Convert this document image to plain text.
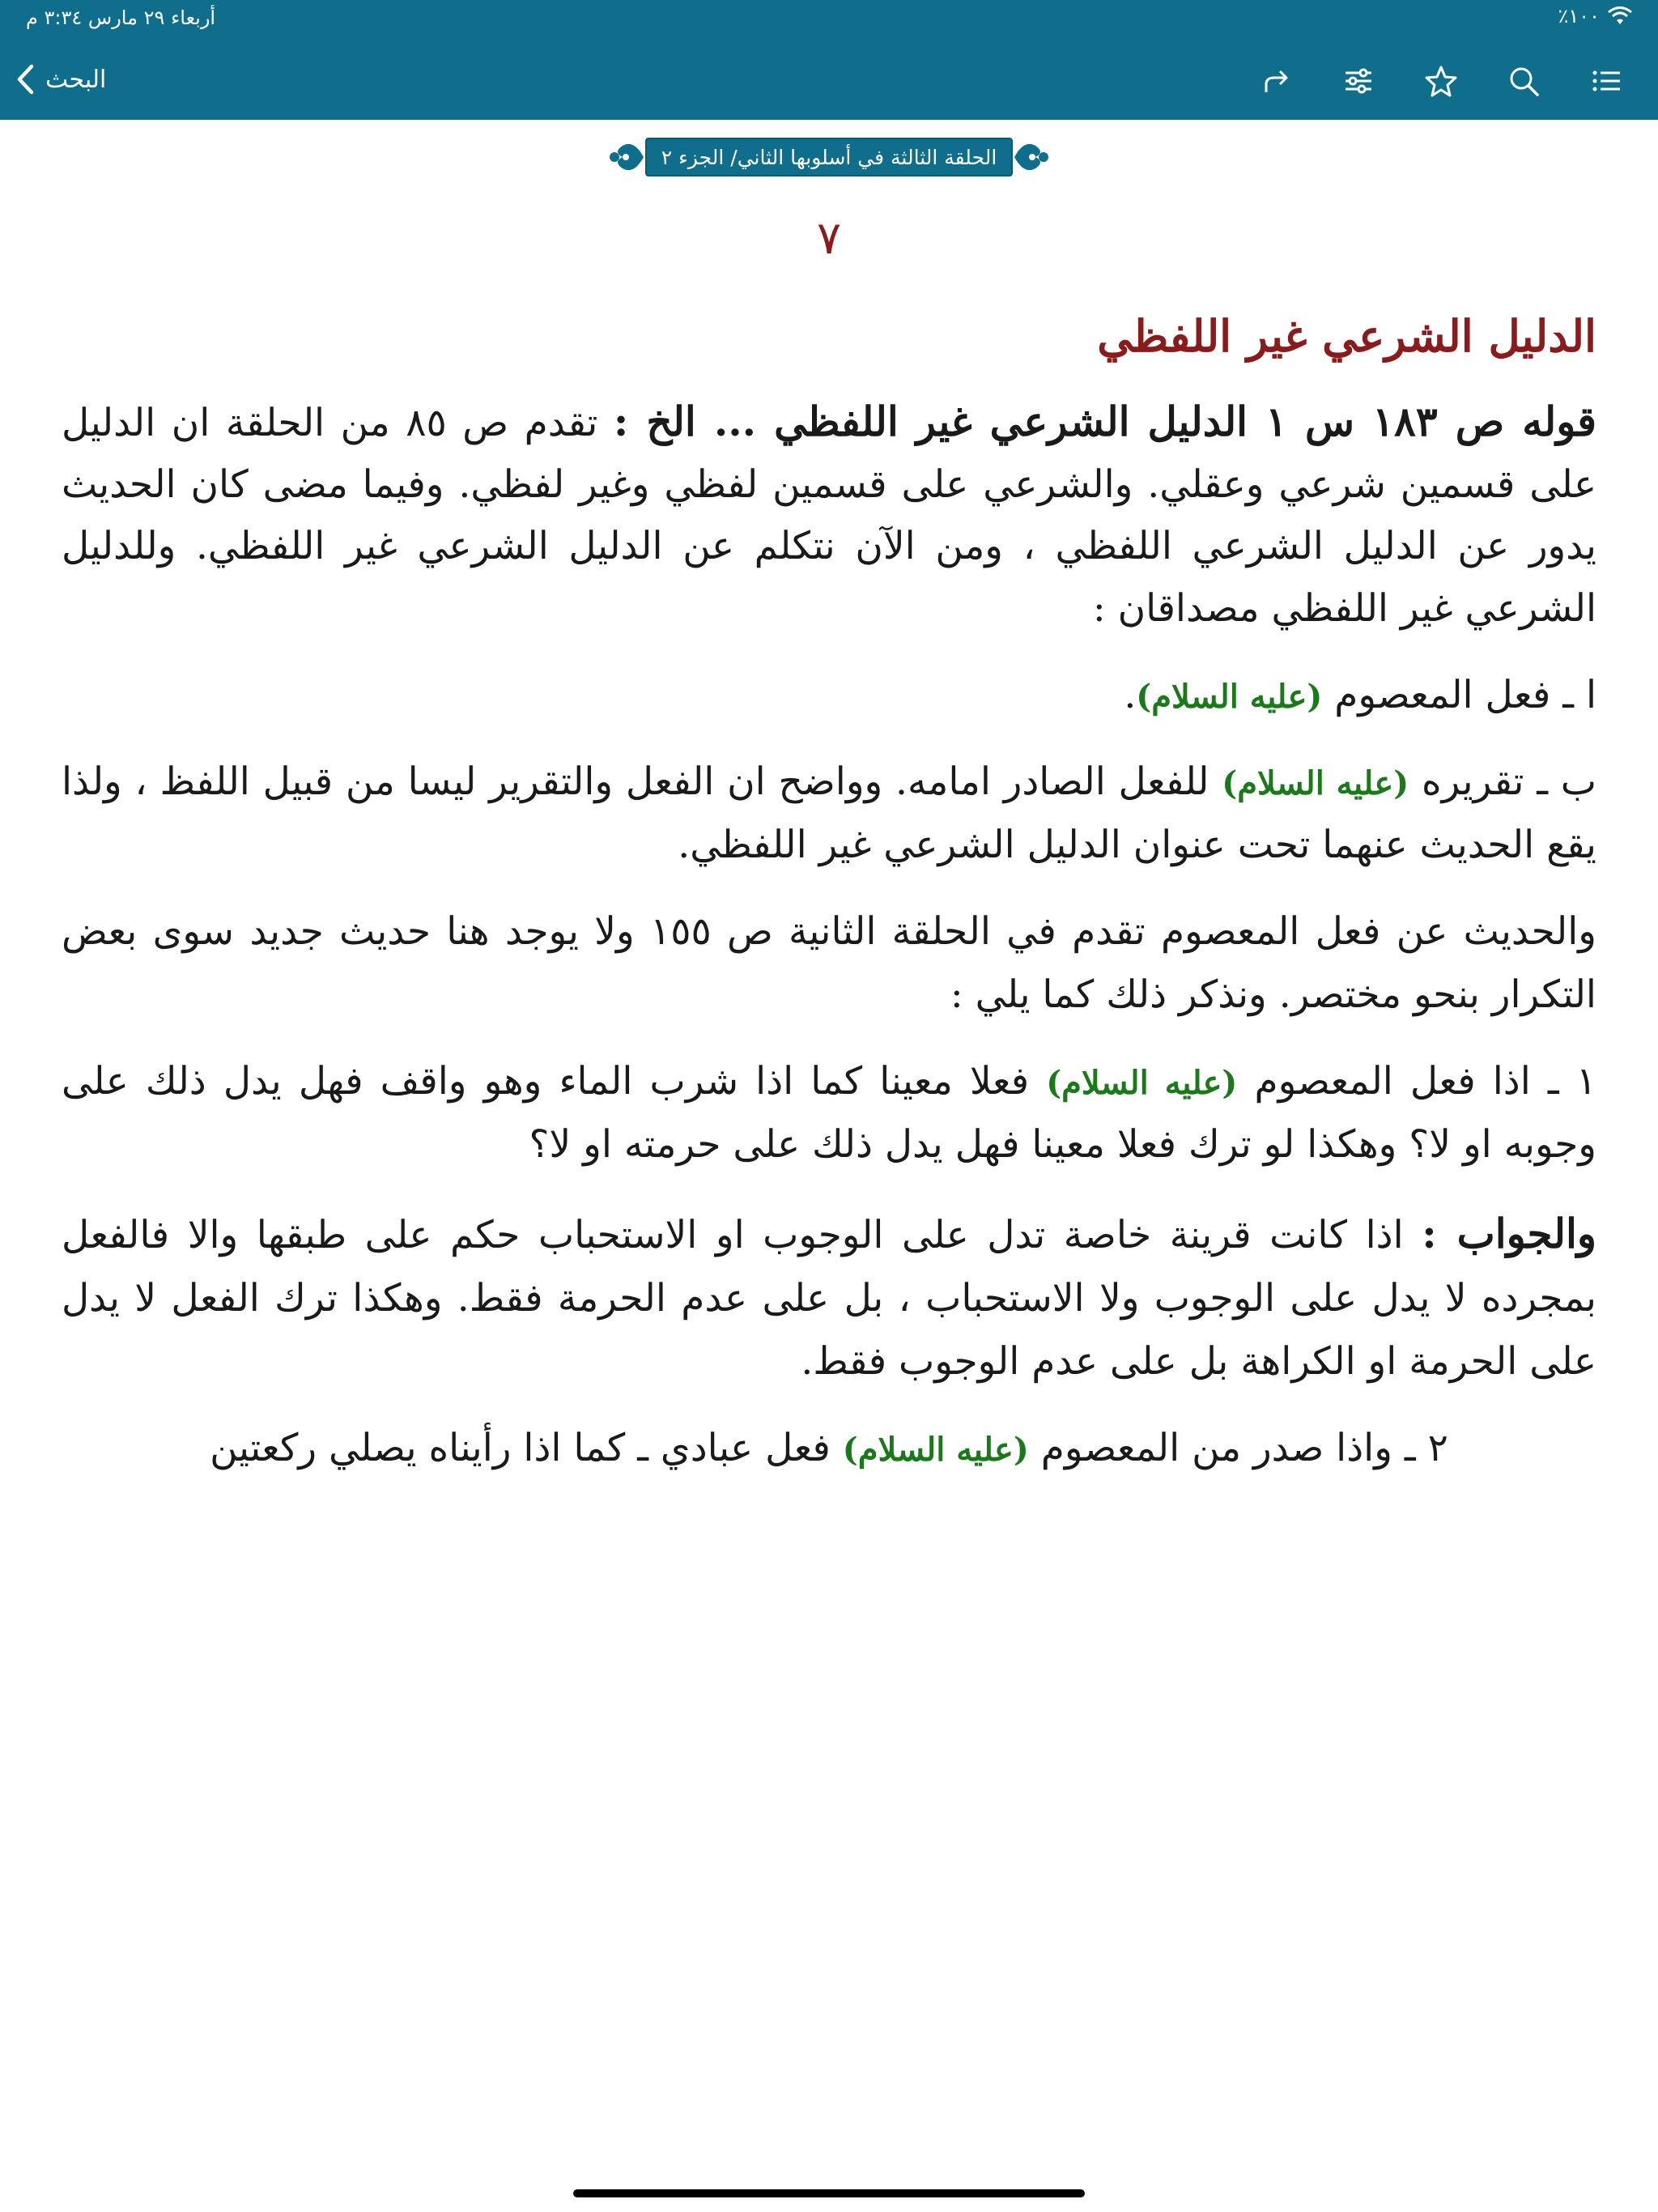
أربعاء ٢٩ مارس ٣:٣٤ م	٪١٠٠
البحث
الحلقة الثالثة في أسلوبها الثاني/ الجزء ٢
٧
الدليل الشرعي غير اللفظي

قوله ص ١٨٣ س ١ الدليل الشرعي غير اللفظي ... الخ : تقدم ص ٨٥ من الحلقة ان الدليل على قسمين شرعي وعقلي. والشرعي على قسمين لفظي وغير لفظي. وفيما مضى كان الحديث يدور عن الدليل الشرعي اللفظي ، ومن الآن نتكلم عن الدليل الشرعي غير اللفظي. وللدليل الشرعي غير اللفظي مصداقان :

ا ـ فعل المعصوم (عليه السلام).

ب ـ تقريره (عليه السلام) للفعل الصادر امامه. وواضح ان الفعل والتقرير ليسا من قبيل اللفظ ، ولذا يقع الحديث عنهما تحت عنوان الدليل الشرعي غير اللفظي.

والحديث عن فعل المعصوم تقدم في الحلقة الثانية ص ١٥٥ ولا يوجد هنا حديث جديد سوى بعض التكرار بنحو مختصر. ونذكر ذلك كما يلي :

١ ـ اذا فعل المعصوم (عليه السلام) فعلا معينا كما اذا شرب الماء وهو واقف فهل يدل ذلك على وجوبه او لا؟ وهكذا لو ترك فعلا معينا فهل يدل ذلك على حرمته او لا؟

والجواب : اذا كانت قرينة خاصة تدل على الوجوب او الاستحباب حكم على طبقها والا فالفعل بمجرده لا يدل على الوجوب ولا الاستحباب ، بل على عدم الحرمة فقط. وهكذا ترك الفعل لا يدل على الحرمة او الكراهة بل على عدم الوجوب فقط.

٢ ـ واذا صدر من المعصوم (عليه السلام) فعل عبادي ـ كما اذا رأيناه يصلي ركعتين
